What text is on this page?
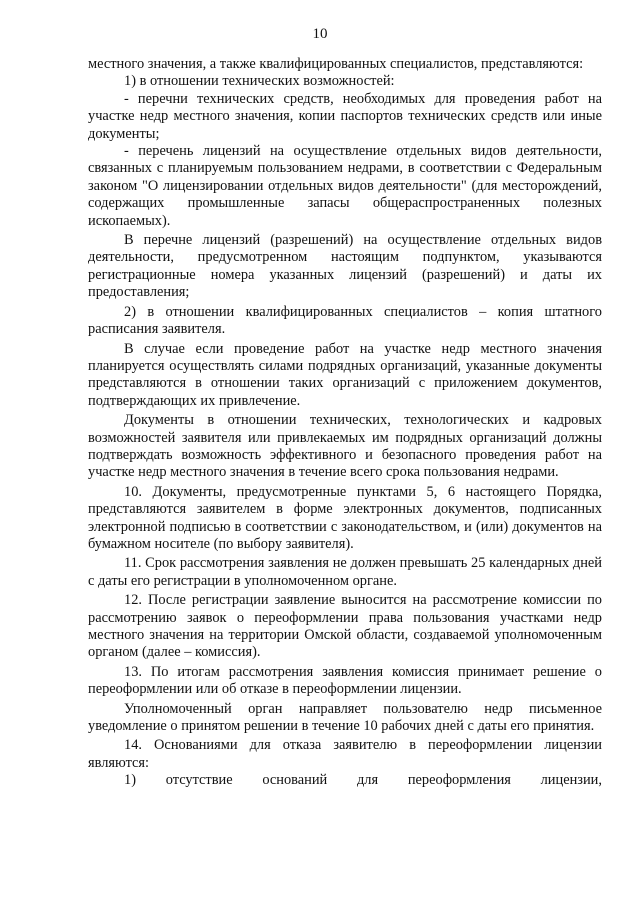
10

местного значения, а также квалифицированных специалистов, представляются:

1) в отношении технических возможностей:

- перечни технических средств, необходимых для проведения работ на участке недр местного значения, копии паспортов технических средств или иные документы;

- перечень лицензий на осуществление отдельных видов деятельности, связанных с планируемым пользованием недрами, в соответствии с Федеральным законом "О лицензировании отдельных видов деятельности" (для месторождений, содержащих промышленные запасы общераспространенных полезных ископаемых).

В перечне лицензий (разрешений) на осуществление отдельных видов деятельности, предусмотренном настоящим подпунктом, указываются регистрационные номера указанных лицензий (разрешений) и даты их предоставления;

2) в отношении квалифицированных специалистов – копия штатного расписания заявителя.

В случае если проведение работ на участке недр местного значения планируется осуществлять силами подрядных организаций, указанные документы представляются в отношении таких организаций с приложением документов, подтверждающих их привлечение.

Документы в отношении технических, технологических и кадровых возможностей заявителя или привлекаемых им подрядных организаций должны подтверждать возможность эффективного и безопасного проведения работ на участке недр местного значения в течение всего срока пользования недрами.

10. Документы, предусмотренные пунктами 5, 6 настоящего Порядка, представляются заявителем в форме электронных документов, подписанных электронной подписью в соответствии с законодательством, и (или) документов на бумажном носителе (по выбору заявителя).

11. Срок рассмотрения заявления не должен превышать 25 календарных дней с даты его регистрации в уполномоченном органе.

12. После регистрации заявление выносится на рассмотрение комиссии по рассмотрению заявок о переоформлении права пользования участками недр местного значения на территории Омской области, создаваемой уполномоченным органом (далее – комиссия).

13. По итогам рассмотрения заявления комиссия принимает решение о переоформлении или об отказе в переоформлении лицензии.

Уполномоченный орган направляет пользователю недр письменное уведомление о принятом решении в течение 10 рабочих дней с даты его принятия.

14. Основаниями для отказа заявителю в переоформлении лицензии являются:

1) отсутствие оснований для переоформления лицензии,
